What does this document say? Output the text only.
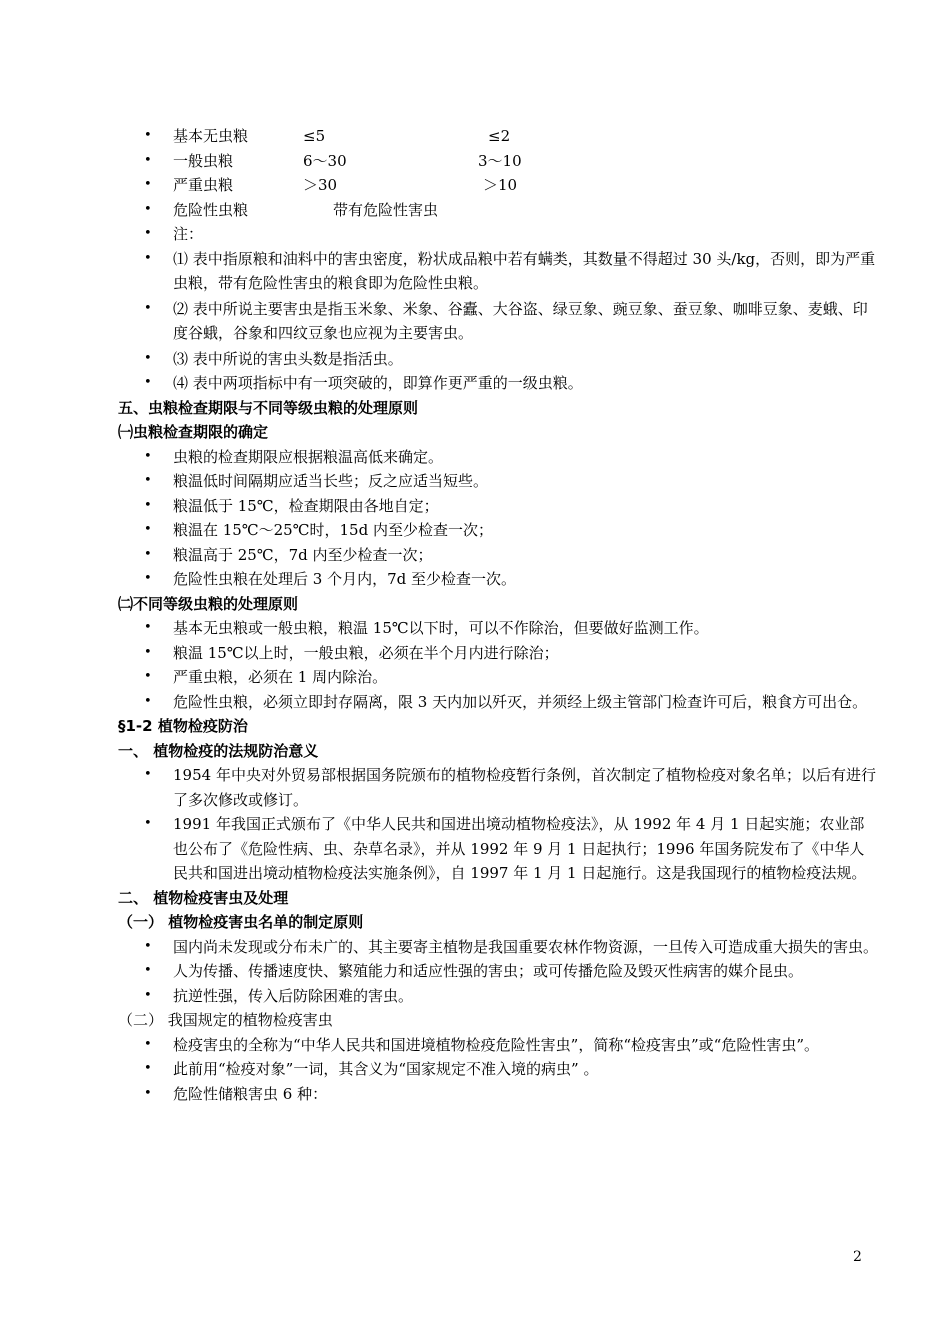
• 基本无虫粮	≤5	≤2
• 一般虫粮	6～30	3～10
• 严重虫粮	＞30	＞10
• 危险性虫粮	带有危险性害虫
• 注：
• ⑴ 表中指原粮和油料中的害虫密度，粉状成品粮中若有螨类，其数量不得超过 30 头/kg，否则，即为严重虫粮，带有危险性害虫的粮食即为危险性虫粮。
• ⑵ 表中所说主要害虫是指玉米象、米象、谷蠹、大谷盗、绿豆象、豌豆象、蚕豆象、咖啡豆象、麦蛾、印度谷蛾，谷象和四纹豆象也应视为主要害虫。
• ⑶ 表中所说的害虫头数是指活虫。
• ⑷ 表中两项指标中有一项突破的，即算作更严重的一级虫粮。
五、虫粮检查期限与不同等级虫粮的处理原则
㈠虫粮检查期限的确定
• 虫粮的检查期限应根据粮温高低来确定。
• 粮温低时间隔期应适当长些；反之应适当短些。
• 粮温低于 15℃，检查期限由各地自定；
• 粮温在 15℃～25℃时，15d 内至少检查一次；
• 粮温高于 25℃，7d 内至少检查一次；
• 危险性虫粮在处理后 3 个月内，7d 至少检查一次。
㈡不同等级虫粮的处理原则
• 基本无虫粮或一般虫粮，粮温 15℃以下时，可以不作除治，但要做好监测工作。
• 粮温 15℃以上时，一般虫粮，必须在半个月内进行除治；
• 严重虫粮，必须在 1 周内除治。
• 危险性虫粮，必须立即封存隔离，限 3 天内加以歼灭，并须经上级主管部门检查许可后，粮食方可出仓。
§1-2 植物检疫防治
一、 植物检疫的法规防治意义
• 1954 年中央对外贸易部根据国务院颁布的植物检疫暂行条例，首次制定了植物检疫对象名单；以后有进行了多次修改或修订。
• 1991 年我国正式颁布了《中华人民共和国进出境动植物检疫法》，从 1992 年 4 月 1 日起实施；农业部也公布了《危险性病、虫、杂草名录》，并从 1992 年 9 月 1 日起执行；1996 年国务院发布了《中华人民共和国进出境动植物检疫法实施条例》，自 1997 年 1 月 1 日起施行。这是我国现行的植物检疫法规。
二、 植物检疫害虫及处理
（一） 植物检疫害虫名单的制定原则
• 国内尚未发现或分布未广的、其主要寄主植物是我国重要农林作物资源，一旦传入可造成重大损失的害虫。
• 人为传播、传播速度快、繁殖能力和适应性强的害虫；或可传播危险及毁灭性病害的媒介昆虫。
• 抗逆性强，传入后防除困难的害虫。
（二） 我国规定的植物检疫害虫
• 检疫害虫的全称为“中华人民共和国进境植物检疫危险性害虫”，简称“检疫害虫”或“危险性害虫”。
• 此前用“检疫对象”一词，其含义为“国家规定不准入境的病虫” 。
• 危险性储粮害虫 6 种：
2
